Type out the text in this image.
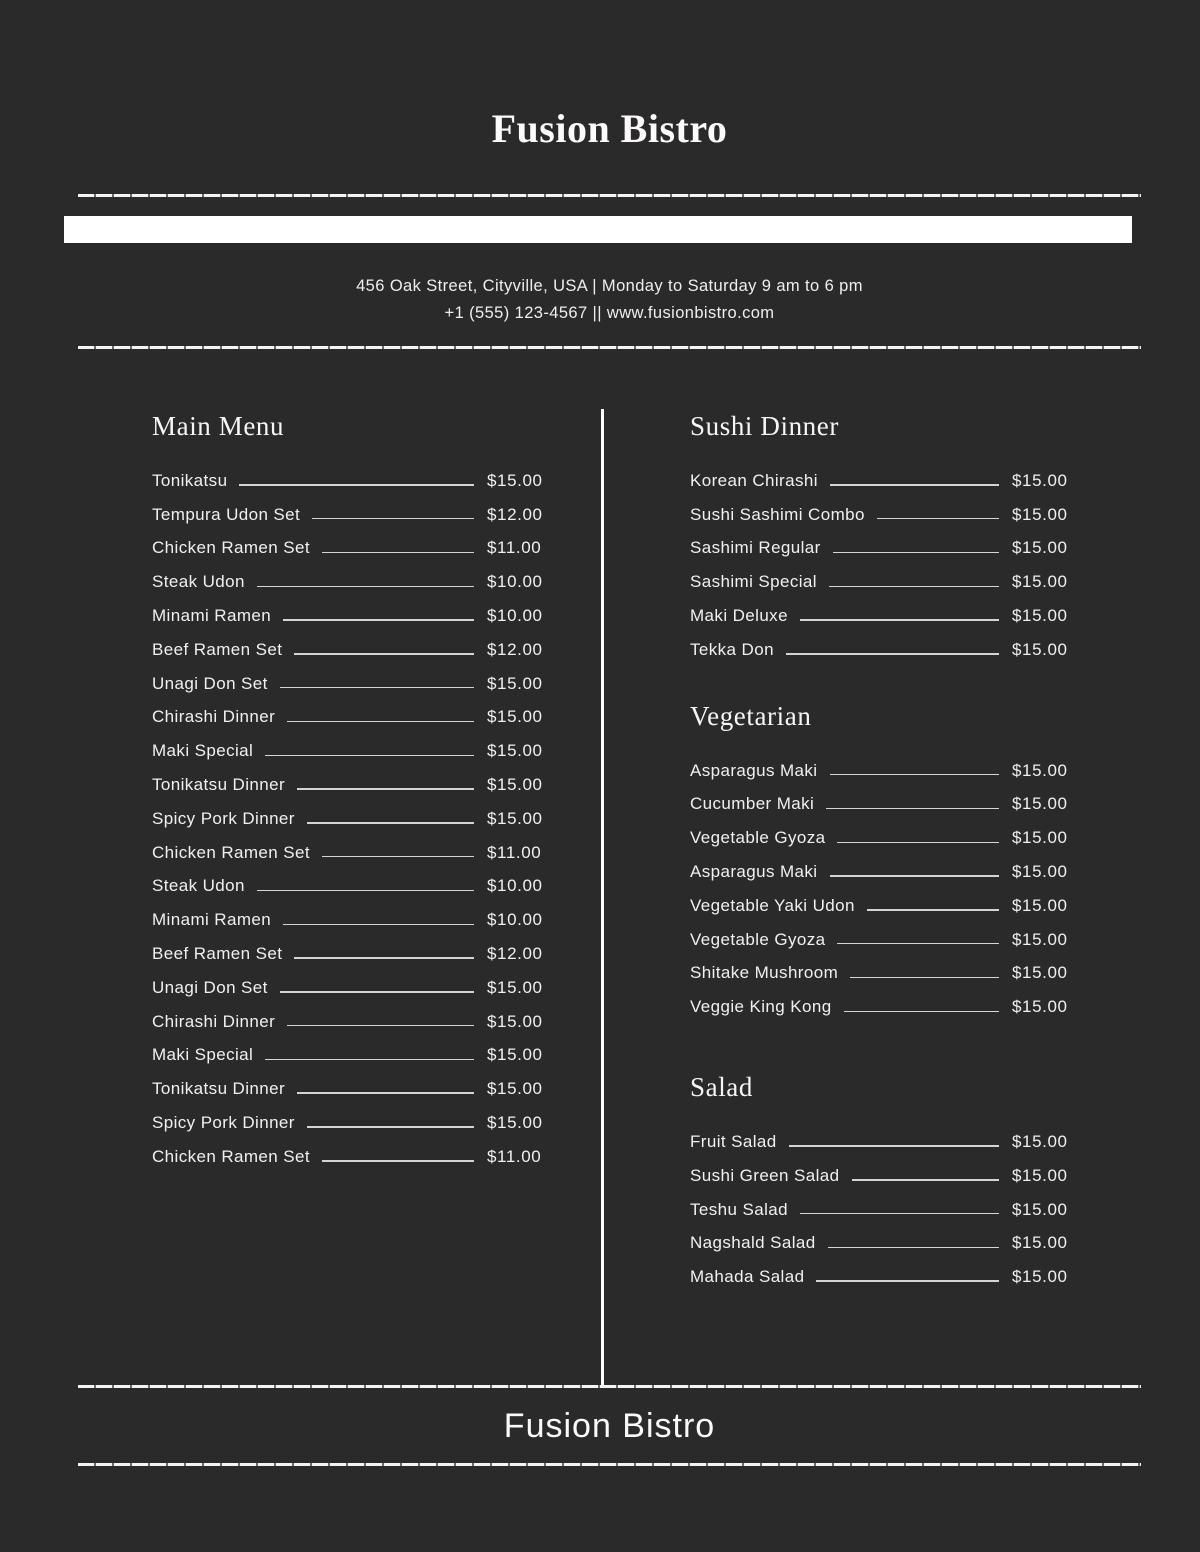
Fusion Bistro

456 Oak Street, Cityville, USA | Monday to Saturday 9 am to 6 pm

+1 (555) 123-4567 || www.fusionbistro.com

Main Menu
Tonikatsu	$15.00
Tempura Udon Set	$12.00
Chicken Ramen Set	$11.00
Steak Udon	$10.00
Minami Ramen	$10.00
Beef Ramen Set	$12.00
Unagi Don Set	$15.00
Chirashi Dinner	$15.00
Maki Special	$15.00
Tonikatsu Dinner	$15.00
Spicy Pork Dinner	$15.00
Chicken Ramen Set	$11.00
Steak Udon	$10.00
Minami Ramen	$10.00
Beef Ramen Set	$12.00
Unagi Don Set	$15.00
Chirashi Dinner	$15.00
Maki Special	$15.00
Tonikatsu Dinner	$15.00
Spicy Pork Dinner	$15.00
Chicken Ramen Set	$11.00
Sushi Dinner
Korean Chirashi	$15.00
Sushi Sashimi Combo	$15.00
Sashimi Regular	$15.00
Sashimi Special	$15.00
Maki Deluxe	$15.00
Tekka Don	$15.00
Vegetarian
Asparagus Maki	$15.00
Cucumber Maki	$15.00
Vegetable Gyoza	$15.00
Asparagus Maki	$15.00
Vegetable Yaki Udon	$15.00
Vegetable Gyoza	$15.00
Shitake Mushroom	$15.00
Veggie King Kong	$15.00
Salad
Fruit Salad	$15.00
Sushi Green Salad	$15.00
Teshu Salad	$15.00
Nagshald Salad	$15.00
Mahada Salad	$15.00
Fusion Bistro
